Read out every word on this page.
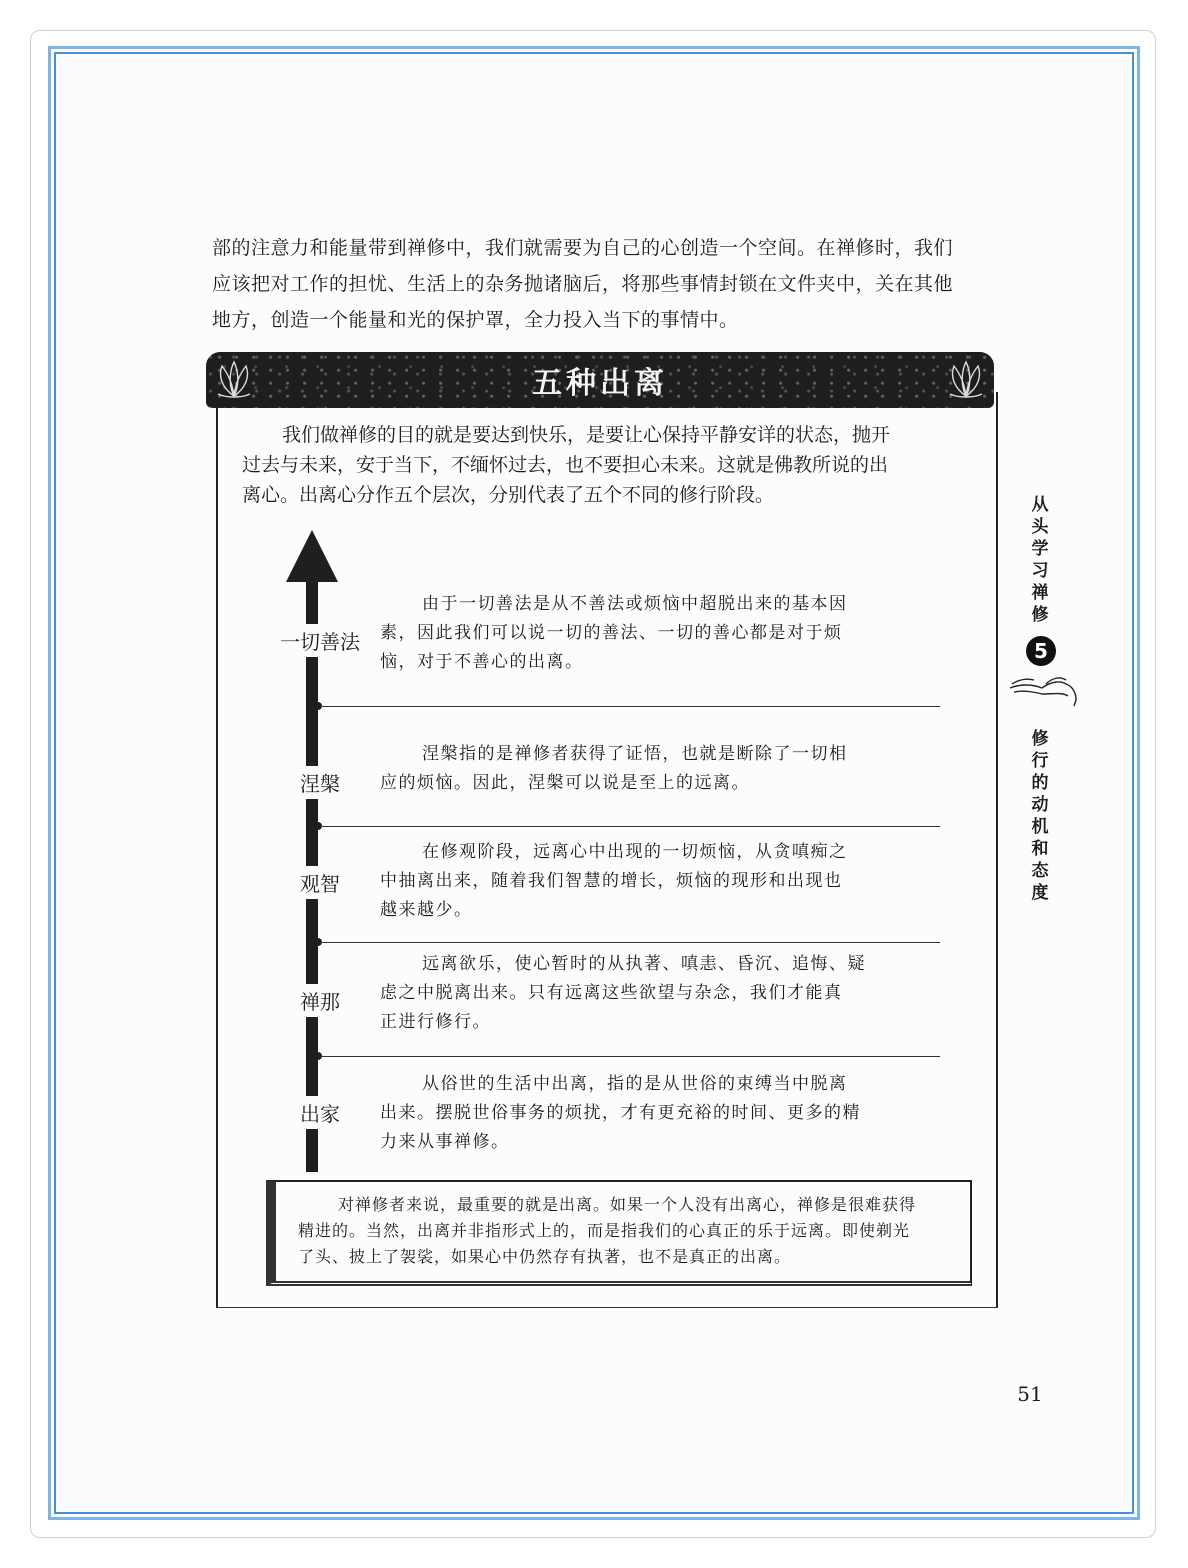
部的注意力和能量带到禅修中，我们就需要为自己的心创造一个空间。在禅修时，我们

应该把对工作的担忧、生活上的杂务抛诸脑后，将那些事情封锁在文件夹中，关在其他

地方，创造一个能量和光的保护罩，全力投入当下的事情中。

五种出离

我们做禅修的目的就是要达到快乐，是要让心保持平静安详的状态，抛开

过去与未来，安于当下，不缅怀过去，也不要担心未来。这就是佛教所说的出

离心。出离心分作五个层次，分别代表了五个不同的修行阶段。

一切善法

由于一切善法是从不善法或烦恼中超脱出来的基本因

素，因此我们可以说一切的善法、一切的善心都是对于烦

恼，对于不善心的出离。

涅槃

涅槃指的是禅修者获得了证悟，也就是断除了一切相

应的烦恼。因此，涅槃可以说是至上的远离。

观智

在修观阶段，远离心中出现的一切烦恼，从贪嗔痴之

中抽离出来，随着我们智慧的增长，烦恼的现形和出现也

越来越少。

禅那

远离欲乐，使心暂时的从执著、嗔恚、昏沉、追悔、疑

虑之中脱离出来。只有远离这些欲望与杂念，我们才能真

正进行修行。

出家

从俗世的生活中出离，指的是从世俗的束缚当中脱离

出来。摆脱世俗事务的烦扰，才有更充裕的时间、更多的精

力来从事禅修。

对禅修者来说，最重要的就是出离。如果一个人没有出离心，禅修是很难获得

精进的。当然，出离并非指形式上的，而是指我们的心真正的乐于远离。即使剃光

了头、披上了袈裟，如果心中仍然存有执著，也不是真正的出离。

从头学习禅修
5
修行的动机和态度
51
